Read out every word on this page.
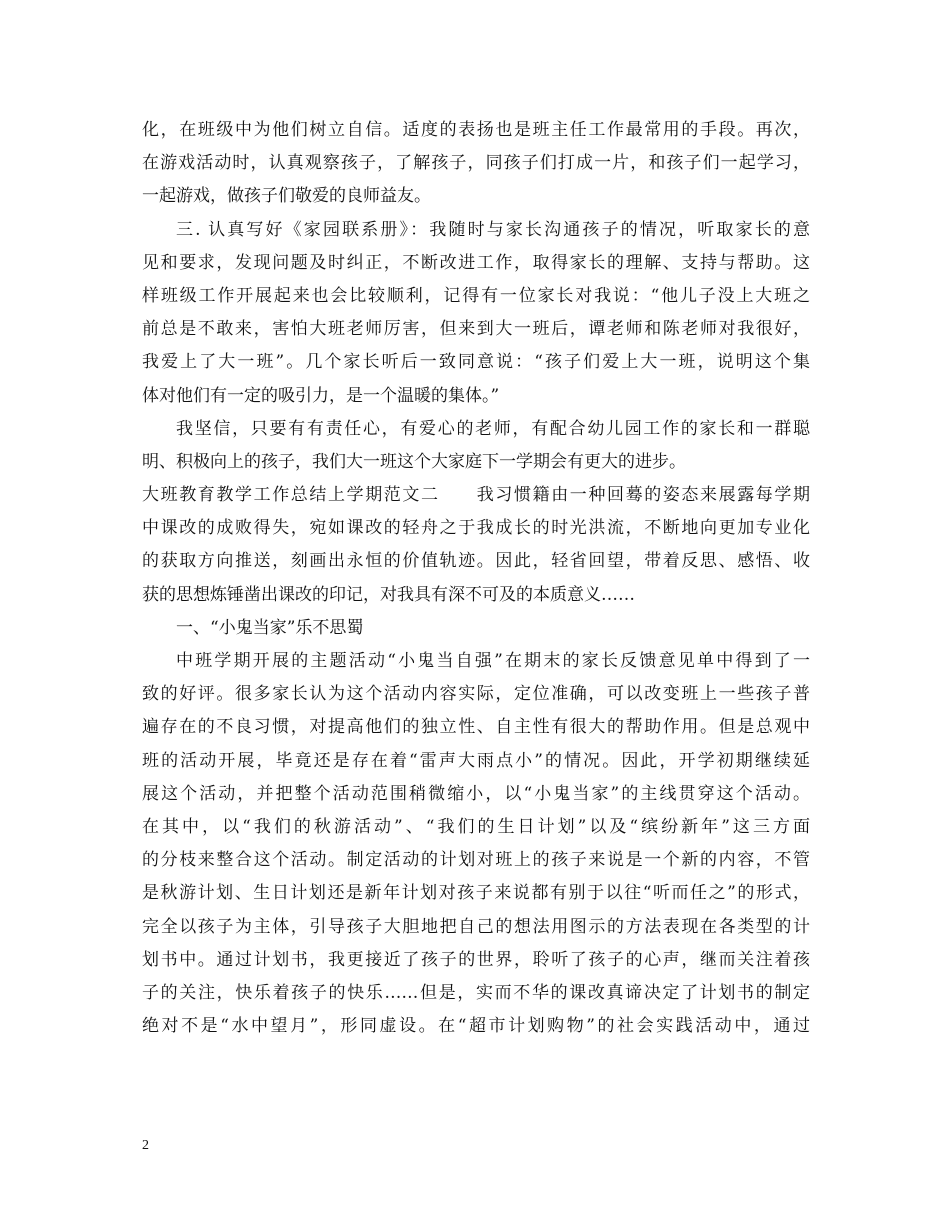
化，在班级中为他们树立自信。适度的表扬也是班主任工作最常用的手段。再次，
在游戏活动时，认真观察孩子，了解孩子，同孩子们打成一片，和孩子们一起学习，
一起游戏，做孩子们敬爱的良师益友。
三. 认真写好《家园联系册》：我随时与家长沟通孩子的情况，听取家长的意
见和要求，发现问题及时纠正，不断改进工作，取得家长的理解、支持与帮助。这
样班级工作开展起来也会比较顺利，记得有一位家长对我说：“他儿子没上大班之
前总是不敢来，害怕大班老师厉害，但来到大一班后，谭老师和陈老师对我很好，
我爱上了大一班”。几个家长听后一致同意说：“孩子们爱上大一班，说明这个集
体对他们有一定的吸引力，是一个温暖的集体。”
我坚信，只要有有责任心，有爱心的老师，有配合幼儿园工作的家长和一群聪
明、积极向上的孩子，我们大一班这个大家庭下一学期会有更大的进步。
大班教育教学工作总结上学期范文二　　我习惯籍由一种回蓦的姿态来展露每学期
中课改的成败得失，宛如课改的轻舟之于我成长的时光洪流，不断地向更加专业化
的获取方向推送，刻画出永恒的价值轨迹。因此，轻省回望，带着反思、感悟、收
获的思想炼锤凿出课改的印记，对我具有深不可及的本质意义……
一、“小鬼当家”乐不思蜀
中班学期开展的主题活动“小鬼当自强”在期末的家长反馈意见单中得到了一
致的好评。很多家长认为这个活动内容实际，定位准确，可以改变班上一些孩子普
遍存在的不良习惯，对提高他们的独立性、自主性有很大的帮助作用。但是总观中
班的活动开展，毕竟还是存在着“雷声大雨点小”的情况。因此，开学初期继续延
展这个活动，并把整个活动范围稍微缩小，以“小鬼当家”的主线贯穿这个活动。
在其中，以“我们的秋游活动”、“我们的生日计划”以及“缤纷新年”这三方面
的分枝来整合这个活动。制定活动的计划对班上的孩子来说是一个新的内容，不管
是秋游计划、生日计划还是新年计划对孩子来说都有别于以往“听而任之”的形式，
完全以孩子为主体，引导孩子大胆地把自己的想法用图示的方法表现在各类型的计
划书中。通过计划书，我更接近了孩子的世界，聆听了孩子的心声，继而关注着孩
子的关注，快乐着孩子的快乐……但是，实而不华的课改真谛决定了计划书的制定
绝对不是“水中望月”，形同虚设。在“超市计划购物”的社会实践活动中，通过
2
